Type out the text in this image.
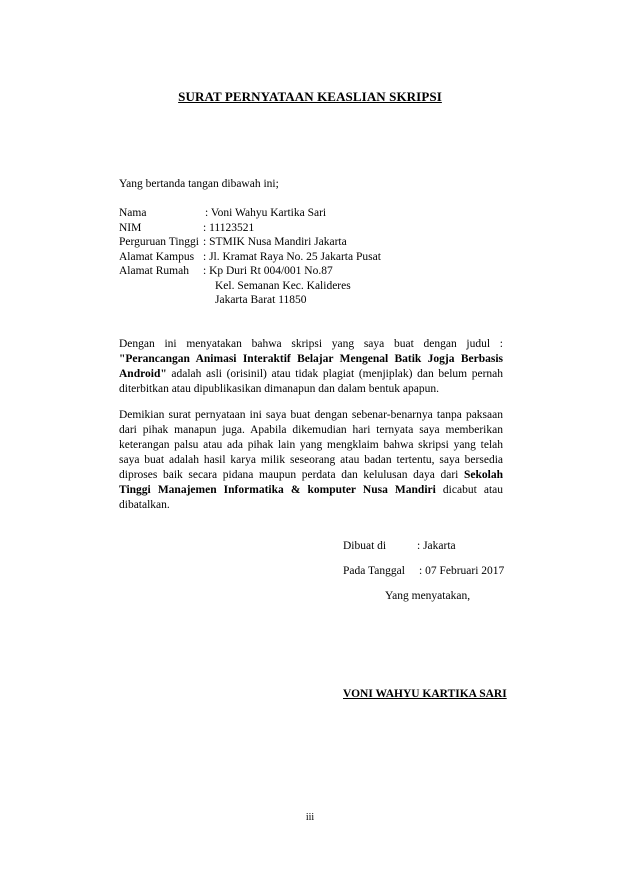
SURAT PERNYATAAN KEASLIAN SKRIPSI
Yang bertanda tangan dibawah ini;
Nama	: Voni Wahyu Kartika Sari
NIM	: 11123521
Perguruan Tinggi : STMIK Nusa Mandiri Jakarta
Alamat Kampus : Jl. Kramat Raya No. 25 Jakarta Pusat
Alamat Rumah : Kp Duri Rt 004/001 No.87
Kel. Semanan Kec. Kalideres
Jakarta Barat 11850
Dengan ini menyatakan bahwa skripsi yang saya buat dengan judul : "Perancangan Animasi Interaktif Belajar Mengenal Batik Jogja Berbasis Android" adalah asli (orisinil) atau tidak plagiat (menjiplak) dan belum pernah diterbitkan atau dipublikasikan dimanapun dan dalam bentuk apapun.
Demikian surat pernyataan ini saya buat dengan sebenar-benarnya tanpa paksaan dari pihak manapun juga. Apabila dikemudian hari ternyata saya memberikan keterangan palsu atau ada pihak lain yang mengklaim bahwa skripsi yang telah saya buat adalah hasil karya milik seseorang atau badan tertentu, saya bersedia diproses baik secara pidana maupun perdata dan kelulusan daya dari Sekolah Tinggi Manajemen Informatika & komputer Nusa Mandiri dicabut atau dibatalkan.
Dibuat di	: Jakarta
Pada Tanggal : 07 Februari 2017
Yang menyatakan,
VONI WAHYU KARTIKA SARI
iii
